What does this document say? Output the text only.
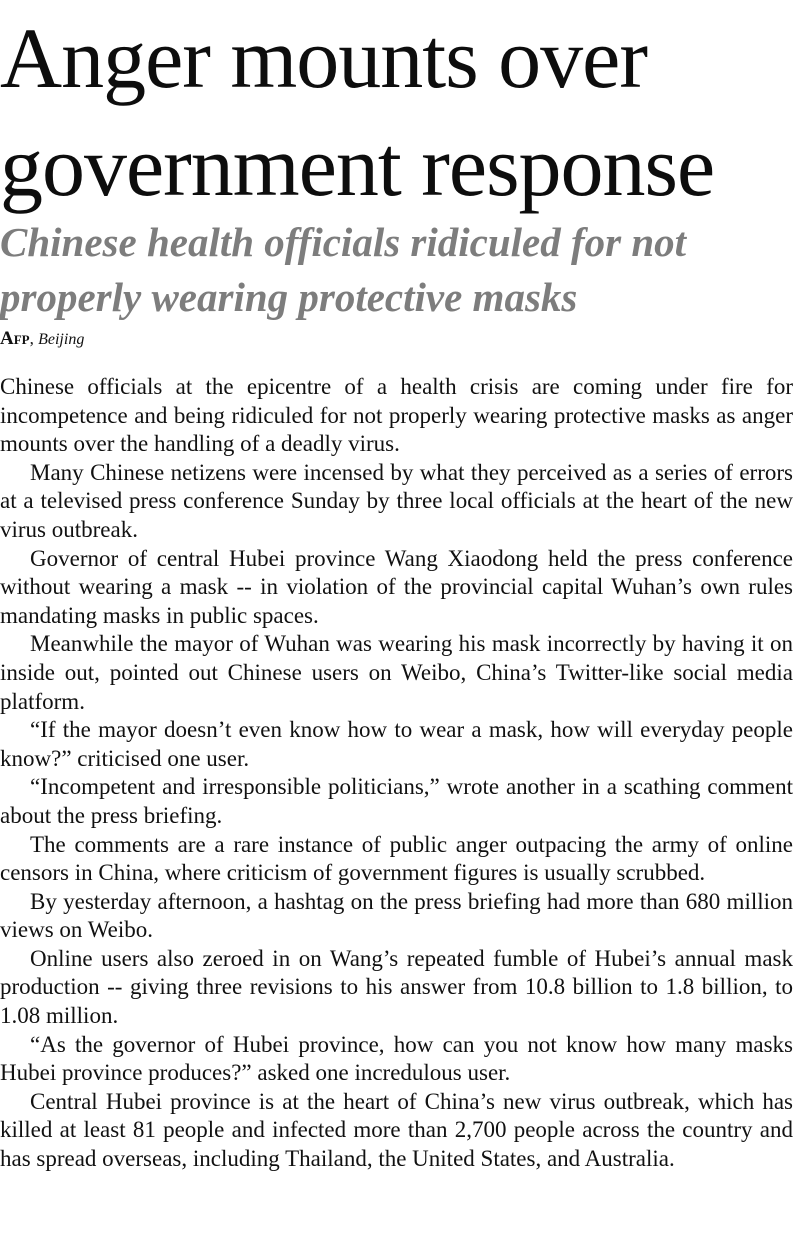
Anger mounts over
government response
Chinese health officials ridiculed for not
properly wearing protective masks
Afp, Beijing

Chinese officials at the epicentre of a health crisis are coming under fire for incompetence and being ridiculed for not properly wearing protective masks as anger mounts over the handling of a deadly virus.

Many Chinese netizens were incensed by what they perceived as a series of errors at a televised press conference Sunday by three local officials at the heart of the new virus outbreak.

Governor of central Hubei province Wang Xiaodong held the press conference without wearing a mask -- in violation of the provincial capital Wuhan’s own rules mandating masks in public spaces.

Meanwhile the mayor of Wuhan was wearing his mask incorrectly by having it on inside out, pointed out Chinese users on Weibo, China’s Twitter-like social media platform.

“If the mayor doesn’t even know how to wear a mask, how will everyday people know?” criticised one user.

“Incompetent and irresponsible politicians,” wrote another in a scathing comment about the press briefing.

The comments are a rare instance of public anger outpacing the army of online censors in China, where criticism of government figures is usually scrubbed.

By yesterday afternoon, a hashtag on the press briefing had more than 680 million views on Weibo.

Online users also zeroed in on Wang’s repeated fumble of Hubei’s annual mask production -- giving three revisions to his answer from 10.8 billion to 1.8 billion, to 1.08 million.

“As the governor of Hubei province, how can you not know how many masks Hubei province produces?” asked one incredulous user.

Central Hubei province is at the heart of China’s new virus outbreak, which has killed at least 81 people and infected more than 2,700 people across the country and has spread overseas, including Thailand, the United States, and Australia.
